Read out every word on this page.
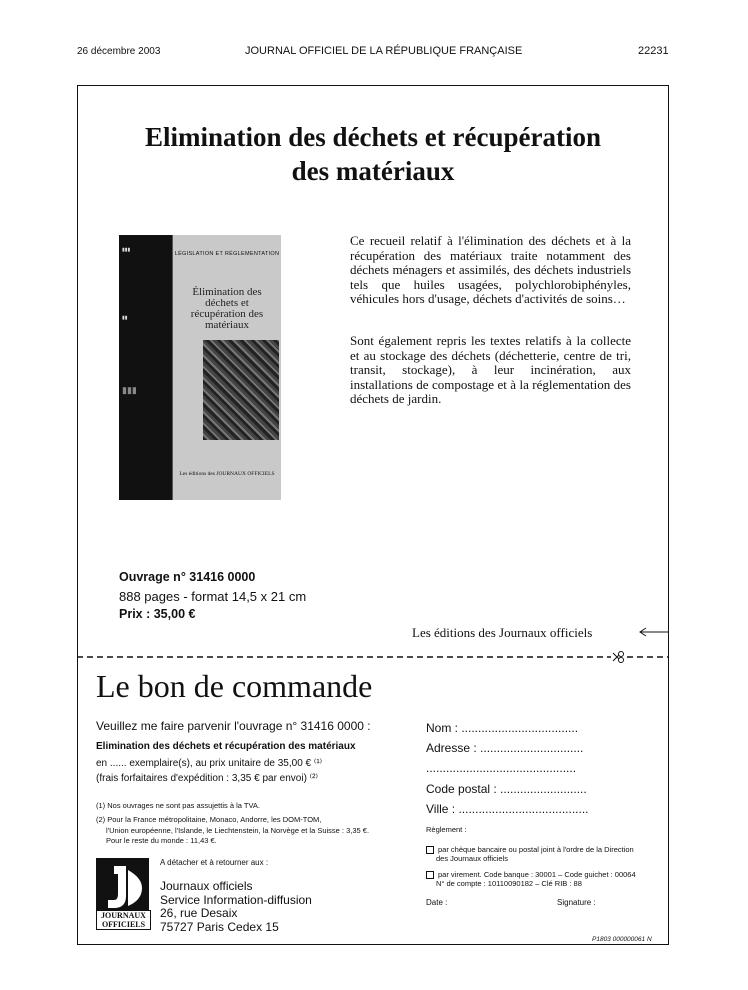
26 décembre 2003	JOURNAL OFFICIEL DE LA RÉPUBLIQUE FRANÇAISE	22231
Elimination des déchets et récupération
des matériaux
▮▮▮
▮▮
▮▮▮
LÉGISLATION ET RÉGLEMENTATION
Élimination des déchets et récupération des matériaux
Les éditions des JOURNAUX OFFICIELS
Ce recueil relatif à l'élimination des déchets et à la récupération des matériaux traite notamment des déchets ménagers et assimilés, des déchets industriels tels que huiles usagées, polychlorobiphényles, véhicules hors d'usage, déchets d'activités de soins…
Sont également repris les textes relatifs à la collecte et au stockage des déchets (déchetterie, centre de tri, transit, stockage), à leur incinération, aux installations de compostage et à la réglementation des déchets de jardin.
Ouvrage n° 31416 0000
888 pages - format 14,5 x 21 cm
Prix : 35,00 €
Les éditions des Journaux officiels
Le bon de commande
Veuillez me faire parvenir l'ouvrage n° 31416 0000 :
Elimination des déchets et récupération des matériaux
en ...... exemplaire(s), au prix unitaire de 35,00 € ⁽¹⁾
(frais forfaitaires d'expédition : 3,35 € par envoi) ⁽²⁾
(1) Nos ouvrages ne sont pas assujettis à la TVA.
(2) Pour la France métropolitaine, Monaco, Andorre, les DOM-TOM,
l'Union européenne, l'Islande, le Liechtenstein, la Norvège et la Suisse : 3,35 €.
Pour le reste du monde : 11,43 €.
JOURNAUX
OFFICIELS
A détacher et à retourner aux :
Journaux officiels
Service Information-diffusion
26, rue Desaix
75727 Paris Cedex 15
Nom : ...................................
Adresse : ...............................
.............................................
Code postal : ..........................
Ville : .......................................
Règlement :
par chèque bancaire ou postal joint à l'ordre de la Direction
des Journaux officiels
par virement. Code banque : 30001 – Code guichet : 00064
N° de compte : 10110090182 – Clé RIB : 88
Date :	Signature :
P1803 000000061 N
